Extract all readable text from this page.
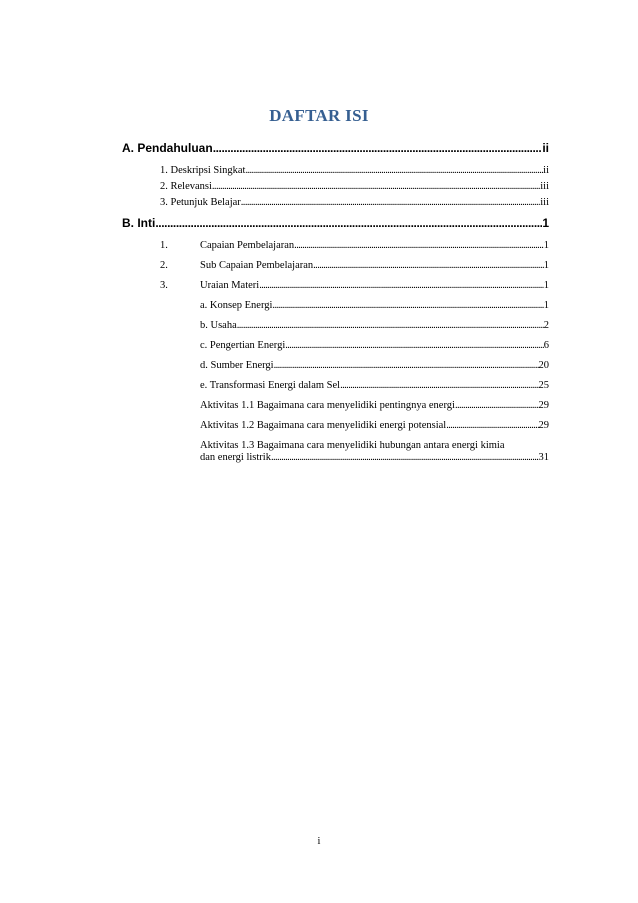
DAFTAR ISI
A. Pendahuluan .....	ii
1. Deskripsi Singkat .....	ii
2. Relevansi .....	iii
3. Petunjuk Belajar .....	iii
B. Inti .....	1
1.	Capaian Pembelajaran .....	1
2.	Sub Capaian Pembelajaran .....	1
3.	Uraian Materi .....	1
a. Konsep Energi .....	1
b. Usaha .....	2
c. Pengertian Energi .....	6
d. Sumber Energi .....	20
e. Transformasi Energi dalam Sel .....	25
Aktivitas 1.1 Bagaimana cara menyelidiki pentingnya energi .....	29
Aktivitas 1.2 Bagaimana cara menyelidiki energi potensial .....	29
Aktivitas 1.3 Bagaimana cara menyelidiki hubungan antara energi kimia
dan energi listrik .....	31
i
